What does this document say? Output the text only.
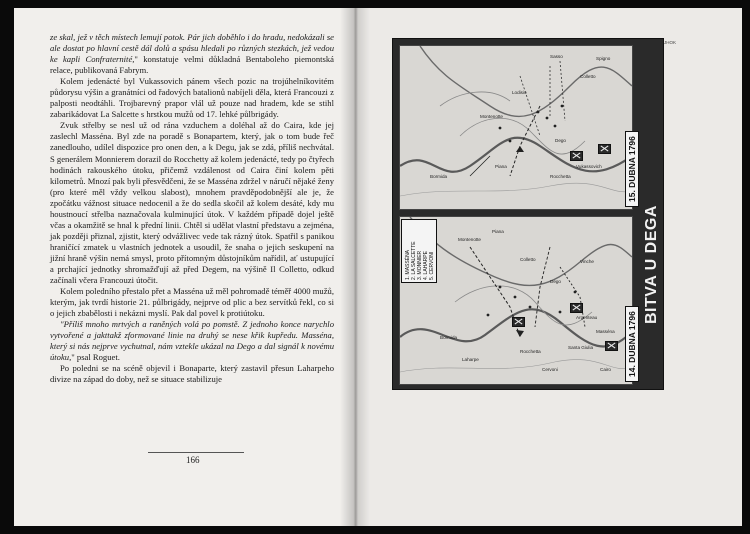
ze skal, jež v těch místech lemují potok. Pár jich doběhlo i do hradu, nedokázali se ale dostat po hlavní cestě dál dolů a spásu hledali po různých stezkách, jež vedou ke kapli Confraternité," konstatuje velmi důkladná Bentaboleho piemontská relace, publikovaná Fabrym.

Kolem jedenácté byl Vukassovich pánem všech pozic na trojúhelníkovitém půdorysu výšin a granátníci od řadových batalionů nabíjeli děla, která Francouzi z palposti neodtáhli. Trojbarevný prapor vlál už pouze nad hradem, kde se stihl zabarikádovat La Salcette s hrstkou mužů od 17. lehké půlbrigády.

Zvuk střelby se nesl už od rána vzduchem a doléhal až do Caira, kde jej zaslechl Masséna. Byl zde na poradě s Bonapartem, který, jak o tom bude řeč zanedlouho, udílel dispozice pro onen den, a k Degu, jak se zdá, příliš nechvátal. S generálem Monnierem dorazil do Rocchetty až kolem jedenácté, tedy po čtyřech hodinách rakouského útoku, přičemž vzdálenost od Caira činí kolem pěti kilometrů. Mnozí pak byli přesvědčeni, že se Masséna zdržel v náručí nějaké ženy (pro které měl vždy velkou slabost), mnohem pravděpodobnější ale je, že zpočátku vážnost situace nedocenil a že do sedla skočil až kolem desáté, kdy mu houstnoucí střelba naznačovala kulminující útok. V každém případě dojel ještě včas a okamžitě se hnal k přední linii. Chtěl si udělat vlastní představu a zejména, jak později přiznal, zjistit, který odvážlivec vede tak rázný útok. Spatřil s panikou hraničící zmatek u vlastních jednotek a usoudil, že snaha o jejich seskupení na jižní hraně výšin nemá smysl, proto přítomným důstojníkům nařídil, ať ustupující a prchající jednotky shromažďují až před Degem, na výšině Il Colletto, odkud začínali včera Francouzi útočit.

Kolem poledního přestalo přet a Masséna už měl pohromadě téměř 4000 mužů, kterým, jak tvrdí historie 21. půlbrigády, nejprve od plic a bez servítků řekl, co si o jejich zbabělosti i nekázni myslí. Pak dal povel k protiútoku.

"Příliš mnoho mrtvých a raněných volá po pomstě. Z jednoho konce narychlo vytvořené a jakttakž zformované linie na druhý se nese křik kupředu. Masséna, který si nás nejprve vychutnal, nám vztekle ukázal na Dego a dal signál k novému útoku," psal Roguet.

Po poledni se na scéně objevil i Bonaparte, který zastavil přesun Laharpeho divize na západ do doby, než se situace stabilizuje

166
JHOK
Sasso
Colletto
Dego
Lodisio
Montenotte
Piana
Bormida
Spigno
Rocchetta
Vukassovich
Montenotte
Piana
Dego
Colletto	Vinche
Santa Giulia
Rocchetta
Cairo
Bormida
Laharpe
Cervoni
Argenteau
Masséna
1. MASSÉNA 2. LA SALCETTE 3. MONNIER 4. LAHARPE 5. CERVONI	BITVA U DEGA
15. DUBNA 1796
14. DUBNA 1796
